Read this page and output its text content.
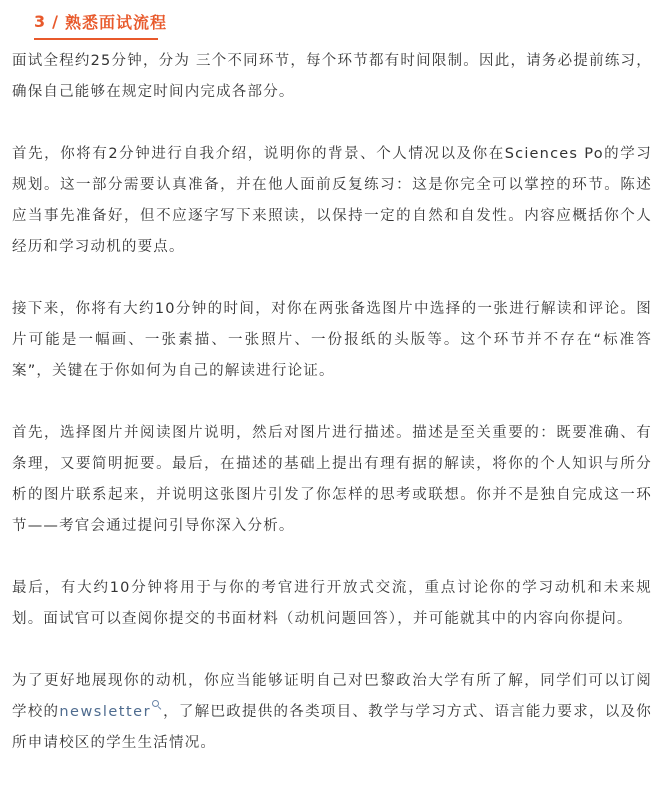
3 / 熟悉面试流程

面试全程约25分钟，分为 三个不同环节，每个环节都有时间限制。因此，请务必提前练习，确保自己能够在规定时间内完成各部分。

首先，你将有2分钟进行自我介绍，说明你的背景、个人情况以及你在Sciences Po的学习规划。这一部分需要认真准备，并在他人面前反复练习：这是你完全可以掌控的环节。陈述应当事先准备好，但不应逐字写下来照读，以保持一定的自然和自发性。内容应概括你个人经历和学习动机的要点。

接下来，你将有大约10分钟的时间，对你在两张备选图片中选择的一张进行解读和评论。图片可能是一幅画、一张素描、一张照片、一份报纸的头版等。这个环节并不存在“标准答案”，关键在于你如何为自己的解读进行论证。

首先，选择图片并阅读图片说明，然后对图片进行描述。描述是至关重要的：既要准确、有条理，又要简明扼要。最后，在描述的基础上提出有理有据的解读，将你的个人知识与所分析的图片联系起来，并说明这张图片引发了你怎样的思考或联想。你并不是独自完成这一环节——考官会通过提问引导你深入分析。

最后，有大约10分钟将用于与你的考官进行开放式交流，重点讨论你的学习动机和未来规划。面试官可以查阅你提交的书面材料（动机问题回答），并可能就其中的内容向你提问。

为了更好地展现你的动机，你应当能够证明自己对巴黎政治大学有所了解，同学们可以订阅学校的newsletter ，了解巴政提供的各类项目、教学与学习方式、语言能力要求，以及你所申请校区的学生生活情况。
